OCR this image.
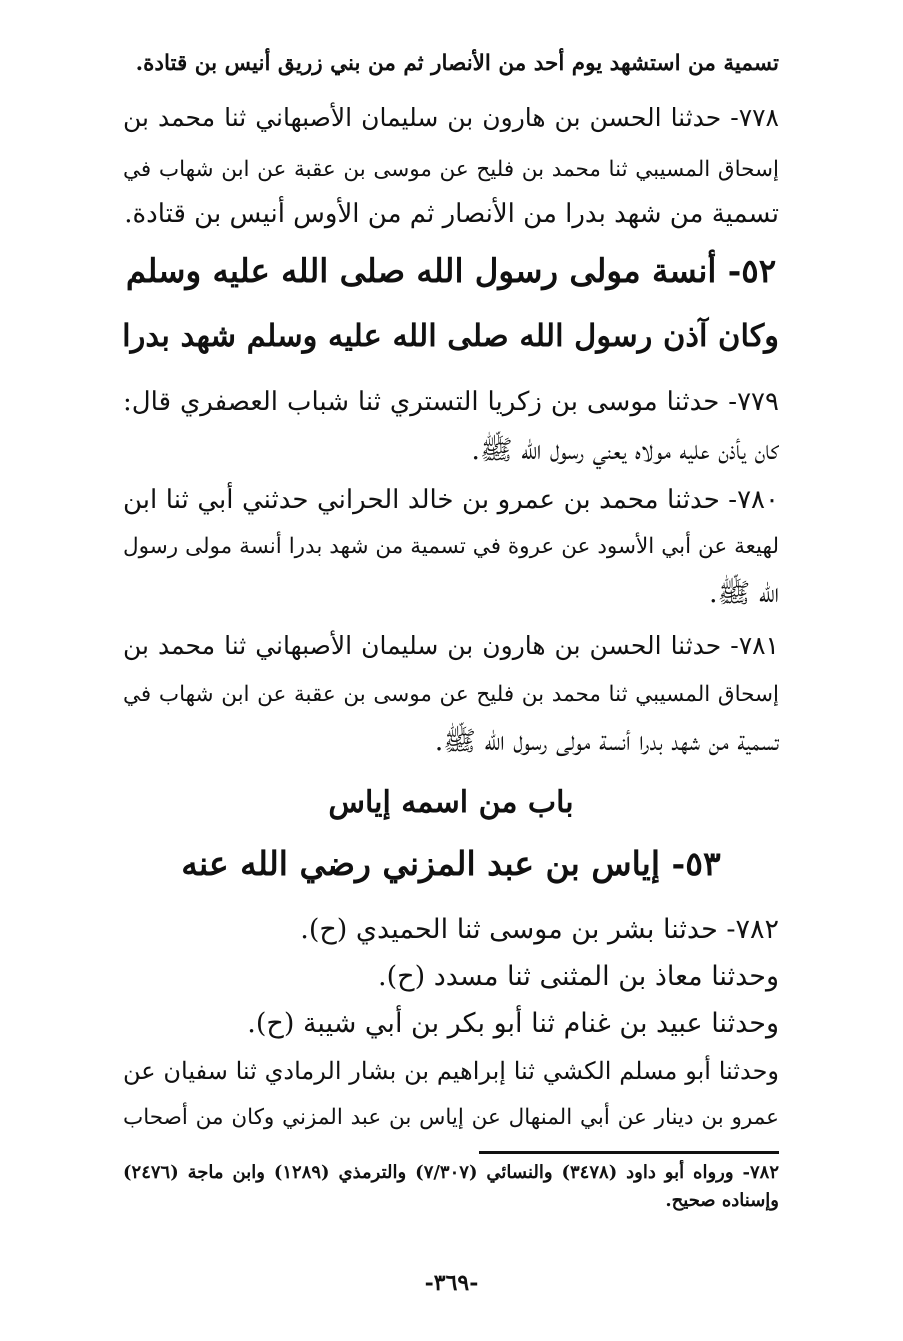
تسمية من استشهد يوم أحد من الأنصار ثم من بني زريق أنيس بن قتادة.
٧٧٨- حدثنا الحسن بن هارون بن سليمان الأصبهاني ثنا محمد بن
إسحاق المسيبي ثنا محمد بن فليح عن موسى بن عقبة عن ابن شهاب في
تسمية من شهد بدرا من الأنصار ثم من الأوس أنيس بن قتادة.
٥٢- أنسة مولى رسول الله صلى الله عليه وسلم
وكان آذن رسول الله صلى الله عليه وسلم شهد بدرا
٧٧٩- حدثنا موسى بن زكريا التستري ثنا شباب العصفري قال:
كان يأذن عليه مولاه يعني رسول الله ﷺ.
٧٨٠- حدثنا محمد بن عمرو بن خالد الحراني حدثني أبي ثنا ابن
لهيعة عن أبي الأسود عن عروة في تسمية من شهد بدرا أنسة مولى رسول
الله ﷺ.
٧٨١- حدثنا الحسن بن هارون بن سليمان الأصبهاني ثنا محمد بن
إسحاق المسيبي ثنا محمد بن فليح عن موسى بن عقبة عن ابن شهاب في
تسمية من شهد بدرا أنسة مولى رسول الله ﷺ.
باب من اسمه إياس
٥٣- إياس بن عبد المزني رضي الله عنه
٧٨٢- حدثنا بشر بن موسى ثنا الحميدي (ح).
وحدثنا معاذ بن المثنى ثنا مسدد (ح).
وحدثنا عبيد بن غنام ثنا أبو بكر بن أبي شيبة (ح).
وحدثنا أبو مسلم الكشي ثنا إبراهيم بن بشار الرمادي ثنا سفيان عن
عمرو بن دينار عن أبي المنهال عن إياس بن عبد المزني وكان من أصحاب
٧٨٢- ورواه أبو داود (٣٤٧٨) والنسائي (٧/٣٠٧) والترمذي (١٢٨٩) وابن ماجة (٢٤٧٦)
وإسناده صحيح.
-٣٦٩-
